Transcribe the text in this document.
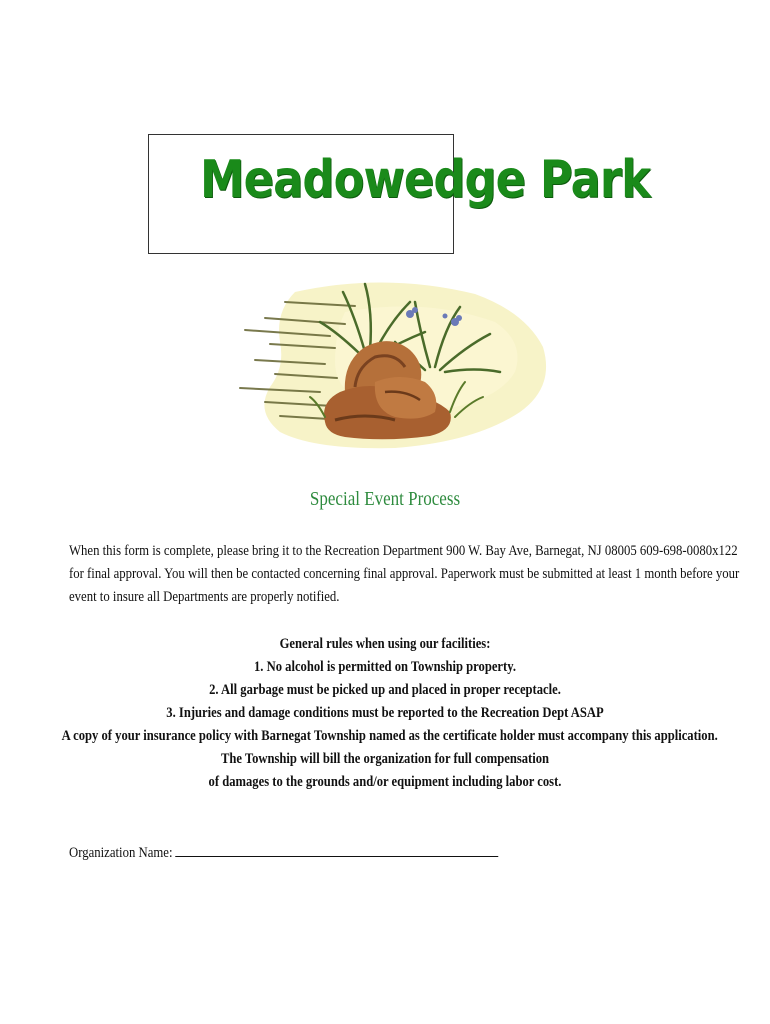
Meadowedge Park
Special Event Process

When this form is complete, please bring it to the Recreation Department 900 W. Bay Ave, Barnegat, NJ 08005 609-698-0080x122

for final approval. You will then be contacted concerning final approval. Paperwork must be submitted at least 1 month before your

event to insure all Departments are properly notified.

General rules when using our facilities:

1. No alcohol is permitted on Township property.

2. All garbage must be picked up and placed in proper receptacle.

3. Injuries and damage conditions must be reported to the Recreation Dept ASAP

A copy of your insurance policy with Barnegat Township named as the certificate holder must accompany this application.

The Township will bill the organization for full compensation

of damages to the grounds and/or equipment including labor cost.

Organization Name:
